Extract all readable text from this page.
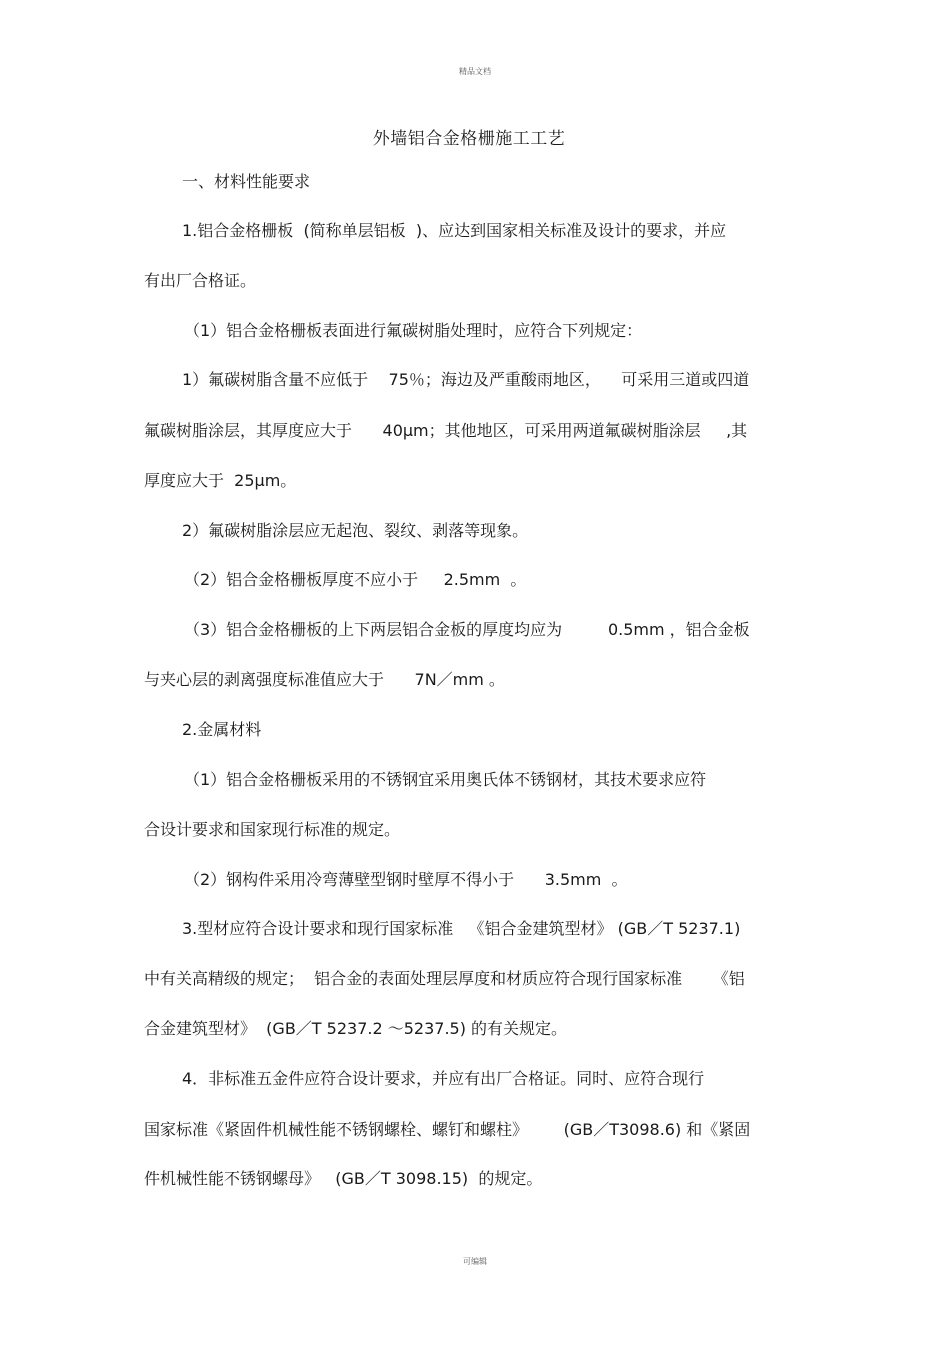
精品文档
外墙铝合金格栅施工工艺
一、材料性能要求
1.铝合金格栅板  (简称单层铝板  )、应达到国家相关标准及设计的要求，并应
有出厂合格证。
（1）铝合金格栅板表面进行氟碳树脂处理时，应符合下列规定：
1）氟碳树脂含量不应低于    75％；海边及严重酸雨地区，    可采用三道或四道
氟碳树脂涂层，其厚度应大于      40μm；其他地区，可采用两道氟碳树脂涂层     ,其
厚度应大于  25μm。
2）氟碳树脂涂层应无起泡、裂纹、剥落等现象。
（2）铝合金格栅板厚度不应小于     2.5mm  。
（3）铝合金格栅板的上下两层铝合金板的厚度均应为         0.5mm ，铝合金板
与夹心层的剥离强度标准值应大于      7N／mm 。
2.金属材料
（1）铝合金格栅板采用的不锈钢宜采用奥氏体不锈钢材，其技术要求应符
合设计要求和国家现行标准的规定。
（2）钢构件采用冷弯薄壁型钢时壁厚不得小于      3.5mm  。
3.型材应符合设计要求和现行国家标准   《铝合金建筑型材》 (GB／T 5237.1)
中有关高精级的规定；  铝合金的表面处理层厚度和材质应符合现行国家标准      《铝
合金建筑型材》  (GB／T 5237.2 ～5237.5) 的有关规定。
4．非标准五金件应符合设计要求，并应有出厂合格证。同时、应符合现行
国家标准《紧固件机械性能不锈钢螺栓、螺钉和螺柱》       (GB／T3098.6) 和《紧固
件机械性能不锈钢螺母》   (GB／T 3098.15)  的规定。
可编辑
